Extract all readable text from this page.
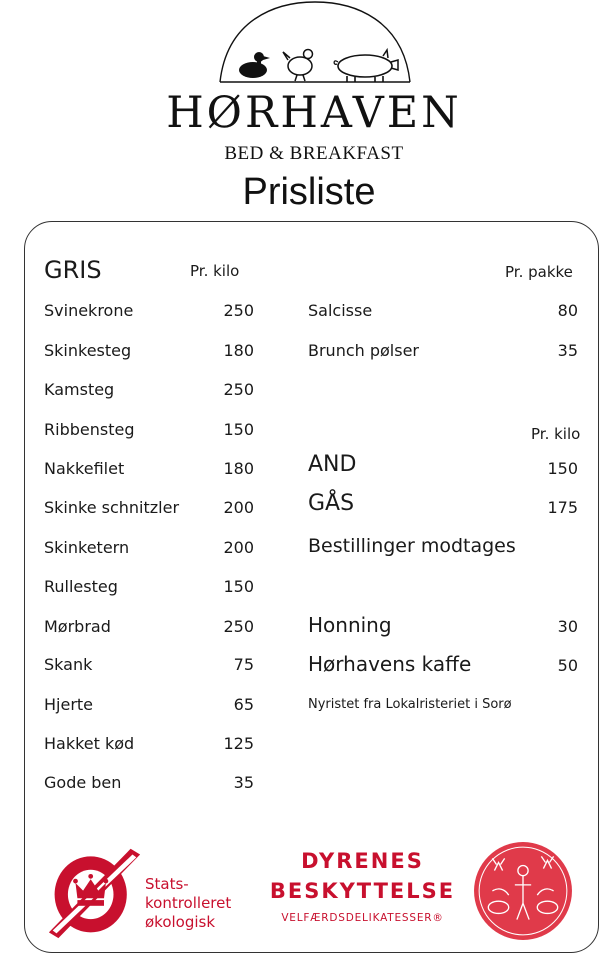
HØRHAVEN
BED & BREAKFAST
Prisliste
GRIS	Pr. kilo
Svinekrone	250
Skinkesteg	180
Kamsteg	250
Ribbensteg	150
Nakkefilet	180
Skinke schnitzler	200
Skinketern	200
Rullesteg	150
Mørbrad	250
Skank	75
Hjerte	65
Hakket kød	125
Gode ben	35
Pr. pakke
Salcisse	80
Brunch pølser	35
Pr. kilo
AND	150
GÅS	175
Bestillinger modtages
Honning	30
Hørhavens kaffe	50
Nyristet fra Lokalristeriet i Sorø
Stats-
kontrolleret
økologisk
DYRENES
BESKYTTELSE
VELFÆRDSDELIKATESSER®
